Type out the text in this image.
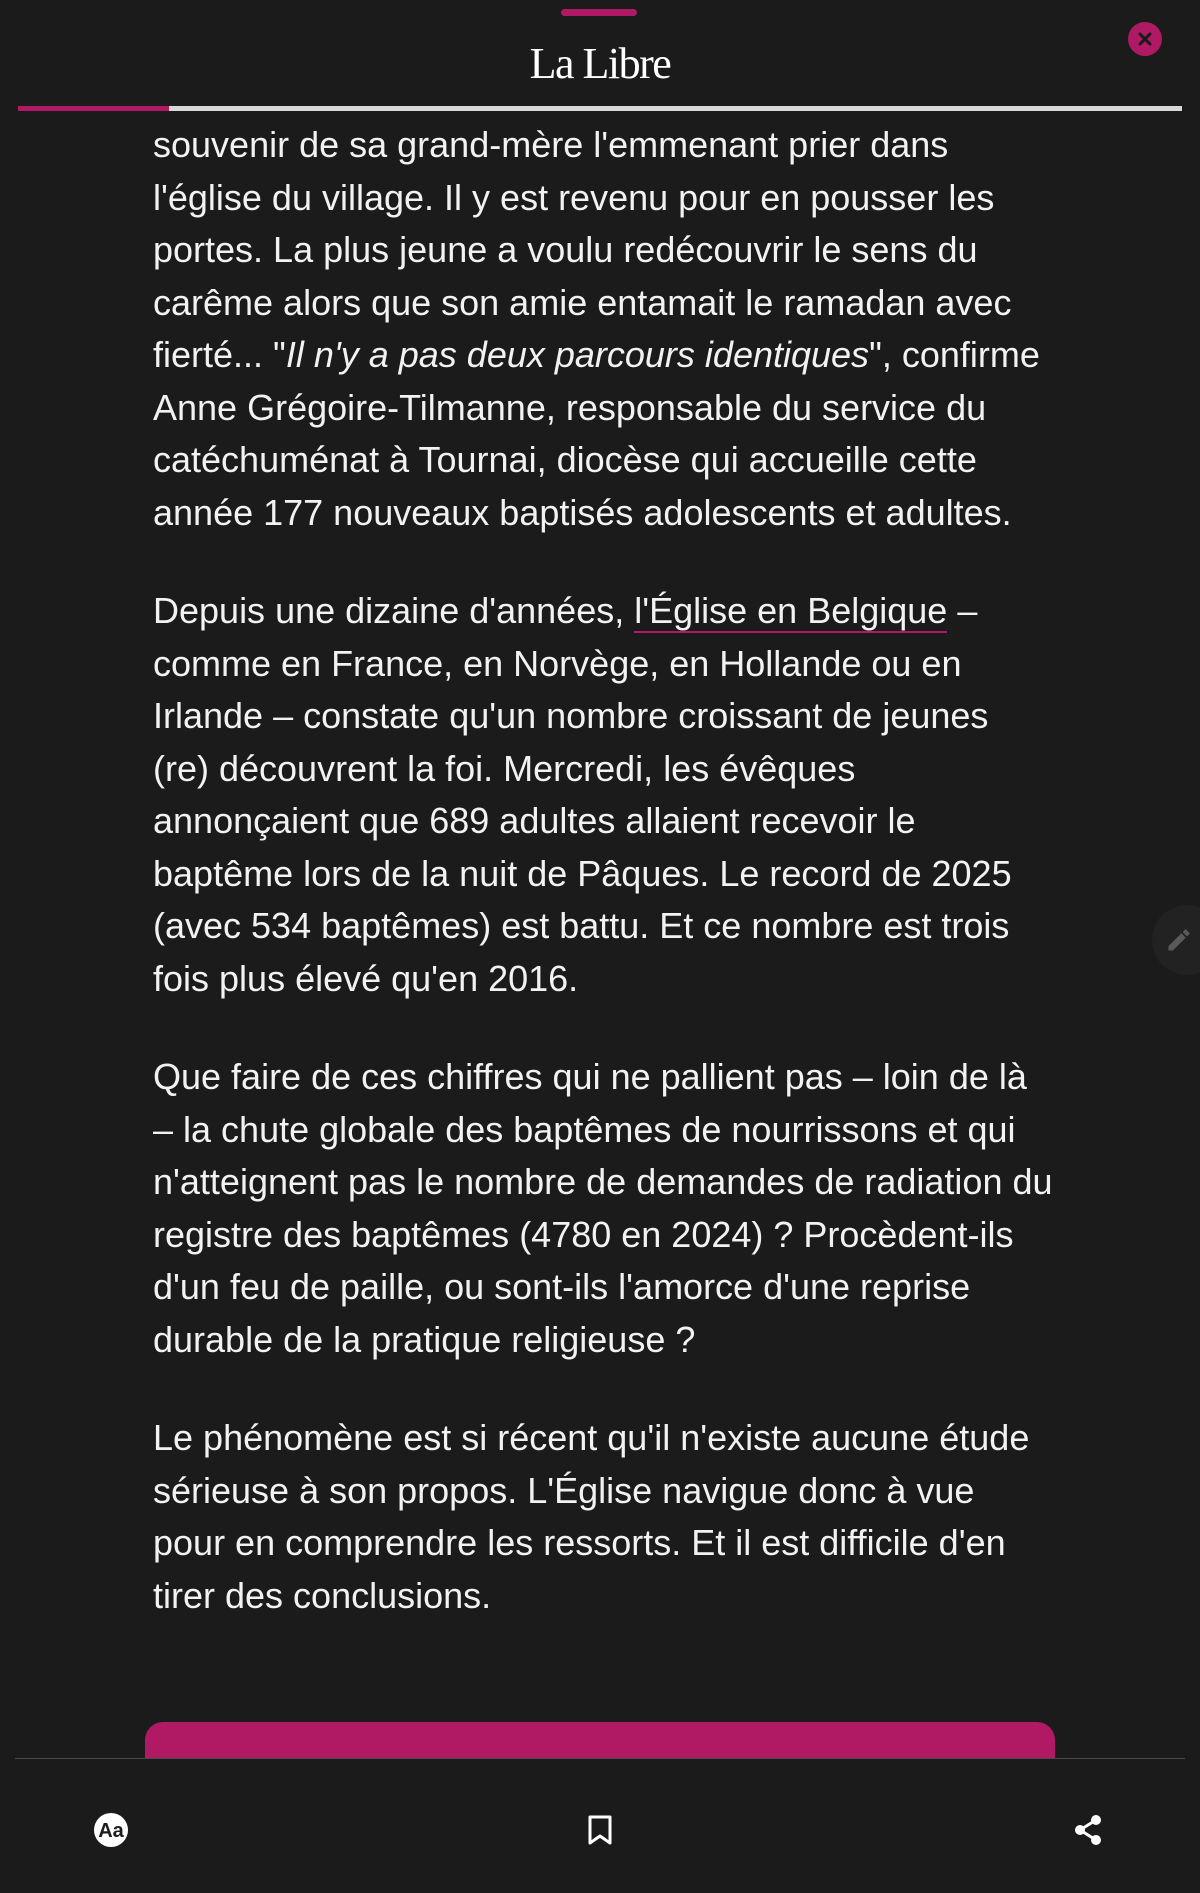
La Libre

souvenir de sa grand-mère l'emmenant prier dans l'église du village. Il y est revenu pour en pousser les portes. La plus jeune a voulu redécouvrir le sens du carême alors que son amie entamait le ramadan avec fierté... "Il n'y a pas deux parcours identiques", confirme Anne Grégoire-Tilmanne, responsable du service du catéchuménat à Tournai, diocèse qui accueille cette année 177 nouveaux baptisés adolescents et adultes.

Depuis une dizaine d'années, l'Église en Belgique – comme en France, en Norvège, en Hollande ou en Irlande – constate qu'un nombre croissant de jeunes (re) découvrent la foi. Mercredi, les évêques annonçaient que 689 adultes allaient recevoir le baptême lors de la nuit de Pâques. Le record de 2025 (avec 534 baptêmes) est battu. Et ce nombre est trois fois plus élevé qu'en 2016.

Que faire de ces chiffres qui ne pallient pas – loin de là – la chute globale des baptêmes de nourrissons et qui n'atteignent pas le nombre de demandes de radiation du registre des baptêmes (4780 en 2024) ? Procèdent-ils d'un feu de paille, ou sont-ils l'amorce d'une reprise durable de la pratique religieuse ?

Le phénomène est si récent qu'il n'existe aucune étude sérieuse à son propos. L'Église navigue donc à vue pour en comprendre les ressorts. Et il est difficile d'en tirer des conclusions.

Aa
